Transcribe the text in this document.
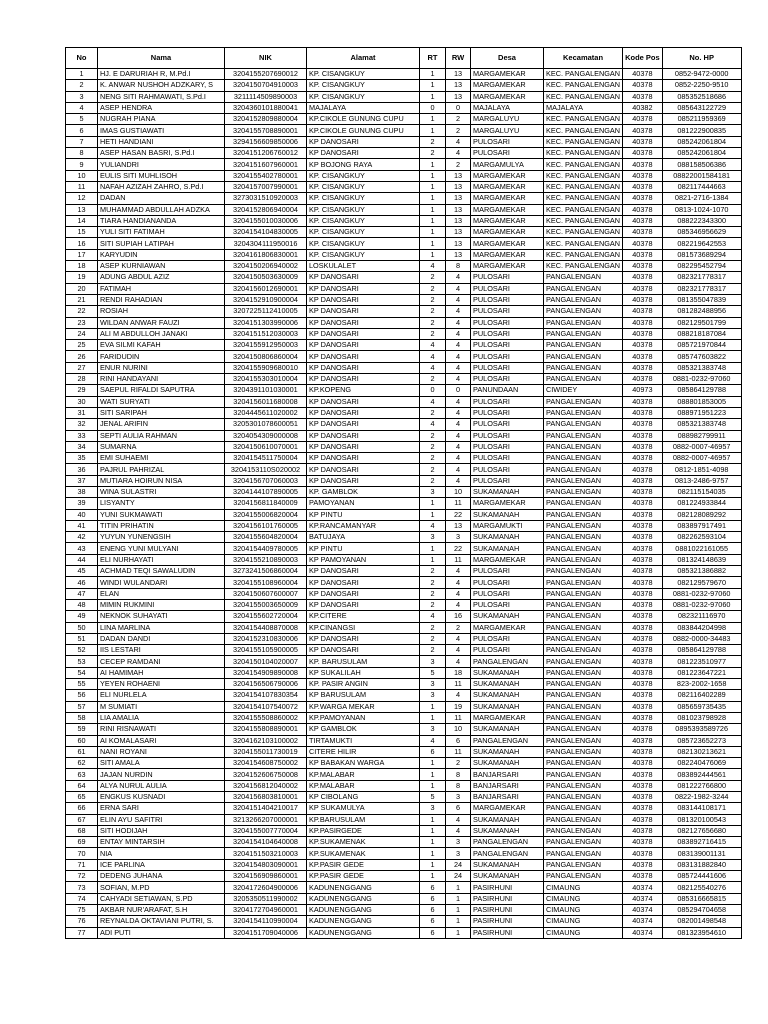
No	Nama	NIK	Alamat	RT	RW	Desa	Kecamatan	Kode Pos	No. HP
1	HJ. E DARURIAH R, M.Pd.I	3204155207690012	KP. CISANGKUY	1	13	MARGAMEKAR	KEC. PANGALENGAN	40378	0852-9472-0000
2	K. ANWAR NUSHOH ADZKARY, S	3204150704910003	KP. CISANGKUY	1	13	MARGAMEKAR	KEC. PANGALENGAN	40378	0852-2250-9510
3	NENG SITI RAHMAWATI, S.Pd.I	3211114509890003	KP. CISANGKUY	1	13	MARGAMEKAR	KEC. PANGALENGAN	40378	085352518686
4	ASEP HENDRA	3204360101880041	MAJALAYA	0	0	MAJALAYA	MAJALAYA	40382	085643122729
5	NUGRAH PIANA	3204152809880004	KP.CIKOLE GUNUNG CUPU	1	2	MARGALUYU	KEC. PANGALENGAN	40378	085211959369
6	IMAS GUSTIAWATI	3204155708890001	KP.CIKOLE GUNUNG CUPU	1	2	MARGALUYU	KEC. PANGALENGAN	40378	081222900835
7	HETI HANDIANI	3294156609850006	KP DANOSARI	2	4	PULOSARI	KEC. PANGALENGAN	40378	085242061804
8	ASEP HASAN BASRI, S.Pd.I	3204151206760012	KP DANOSARI	2	4	PULOSARI	KEC. PANGALENGAN	40378	085242061804
9	YULIANDRI	3204151607960001	KP BOJONG RAYA	1	2	MARGAMULYA	KEC. PANGALENGAN	40378	088158506386
10	EULIS SITI MUHLISOH	3204155402780001	KP. CISANGKUY	1	13	MARGAMEKAR	KEC. PANGALENGAN	40378	08822001584181
11	NAFAH AZIZAH ZAHRO, S.Pd.I	3204157007990001	KP. CISANGKUY	1	13	MARGAMEKAR	KEC. PANGALENGAN	40378	082117444663
12	DADAN	3273031510920003	KP. CISANGKUY	1	13	MARGAMEKAR	KEC. PANGALENGAN	40378	0821-2716-1384
13	MUHAMMAD ABDULLAH ADZKA	3204152806940004	KP. CISANGKUY	1	13	MARGAMEKAR	KEC. PANGALENGAN	40378	0813-1024-1070
14	TIARA HANDIANANDA	3204155010030006	KP. CISANGKUY	1	13	MARGAMEKAR	KEC. PANGALENGAN	40378	088222343300
15	YULI SITI FATIMAH	3204154104830005	KP. CISANGKUY	1	13	MARGAMEKAR	KEC. PANGALENGAN	40378	085346956629
16	SITI SUPIAH LATIPAH	3204304111950016	KP. CISANGKUY	1	13	MARGAMEKAR	KEC. PANGALENGAN	40378	082219642553
17	KARYUDIN	3204161806830001	KP. CISANGKUY	1	13	MARGAMEKAR	KEC. PANGALENGAN	40378	081573689294
18	ASEP KURNIAWAN	3204150206940002	LOSKULALET	4	8	MARGAMEKAR	KEC. PANGALENGAN	40378	082295452794
19	ADUNG ABDUL AZIZ	3204150503630009	KP DANOSARI	2	4	PULOSARI	PANGALENGAN	40378	082321778317
20	FATIMAH	3204156012690001	KP DANOSARI	2	4	PULOSARI	PANGALENGAN	40378	082321778317
21	RENDI RAHADIAN	3204152910900004	KP DANOSARI	2	4	PULOSARI	PANGALENGAN	40378	081355047839
22	ROSIAH	3207225112410005	KP DANOSARI	2	4	PULOSARI	PANGALENGAN	40378	081282488956
23	WILDAN ANWAR FAUZI	3204151303990006	KP DANOSARI	2	4	PULOSARI	PANGALENGAN	40378	082129501799
24	ALI M ABDULLOH JANAKI	3204151512030003	KP DANOSARI	2	4	PULOSARI	PANGALENGAN	40378	088218187084
25	EVA SILMI KAFAH	3204155912950003	KP DANOSARI	4	4	PULOSARI	PANGALENGAN	40378	085721970844
26	FARIDUDIN	3204150806860004	KP DANOSARI	4	4	PULOSARI	PANGALENGAN	40378	085747603822
27	ENUR NURINI	3204155909680010	KP DANOSARI	4	4	PULOSARI	PANGALENGAN	40378	085321383748
28	RINI HANDAYANI	3204155303010004	KP DANOSARI	2	4	PULOSARI	PANGALENGAN	40378	0881-0232-97060
29	SAEPUL RIFALDI SAPUTRA	3204391101030001	KP.KOPENG	0	0	PANUNDAAN	CIWIDEY	40973	085864129788
30	WATI SURYATI	3204156011680008	KP DANOSARI	4	4	PULOSARI	PANGALENGAN	40378	088801853005
31	SITI SARIPAH	3204445611020002	KP DANOSARI	2	4	PULOSARI	PANGALENGAN	40378	088971951223
32	JENAL ARIFIN	3205301078600051	KP DANOSARI	4	4	PULOSARI	PANGALENGAN	40378	085321383748
33	SEPTI AULIA RAHMAN	3204054309000008	KP DANOSARI	2	4	PULOSARI	PANGALENGAN	40378	088982799911
34	SUMARNA	3204150610070001	KP DANOSARI	2	4	PULOSARI	PANGALENGAN	40378	0882-0007-46957
35	EMI SUHAEMI	3204154511750004	KP DANOSARI	2	4	PULOSARI	PANGALENGAN	40378	0882-0007-46957
36	PAJRUL PAHRIZAL	3204153110S020002	KP DANOSARI	2	4	PULOSARI	PANGALENGAN	40378	0812-1851-4098
37	MUTIARA HOIRUN NISA	3204156707060003	KP DANOSARI	2	4	PULOSARI	PANGALENGAN	40378	0813-2486-9757
38	WINA SULASTRI	3204144107890005	KP. GAMBLOK	3	10	SUKAMANAH	PANGALENGAN	40378	082115154035
39	LISYANTY	3204156811840009	PAMOYANAN	1	11	MARGAMEKAR	PANGALENGAN	40378	081224933844
40	YUNI SUKMAWATI	3204155006820004	KP PINTU	1	22	SUKAMANAH	PANGALENGAN	40378	082128089292
41	TITIN PRIHATIN	3204156101760005	KP.RANCAMANYAR	4	13	MARGAMUKTI	PANGALENGAN	40378	083897917491
42	YUYUN YUNENGSIH	3204155604820004	BATUJAYA	3	3	SUKAMANAH	PANGALENGAN	40378	082262593104
43	ENENG YUNI MULYANI	3204154409780005	KP PINTU	1	22	SUKAMANAH	PANGALENGAN	40378	0881022161055
44	ELI NURHAYATI	3204155210890003	KP PAMOYANAN	1	11	MARGAMEKAR	PANGALENGAN	40378	081324148639
45	ACHMAD TEQI SAWALUDIN	3273241506860004	KP DANOSARI	2	4	PULOSARI	PANGALENGAN	40378	085321386882
46	WINDI WULANDARI	3204155108960004	KP DANOSARI	2	4	PULOSARI	PANGALENGAN	40378	082129579670
47	ELAN	3204150607600007	KP DANOSARI	2	4	PULOSARI	PANGALENGAN	40378	0881-0232-97060
48	MIMIN RUKMINI	3204155003650009	KP DANOSARI	2	4	PULOSARI	PANGALENGAN	40378	0881-0232-97060
49	NEKNOK SUHAYATI	3204155602720004	KP.CITERE	4	16	SUKAMANAH	PANGALENGAN	40378	082321116970
50	LINA MARLINA	3204154408870008	KP.CINANGSI	2	2	MARGAMEKAR	PANGALENGAN	40378	083844204998
51	DADAN DANDI	3204152310830006	KP DANOSARI	2	4	PULOSARI	PANGALENGAN	40378	0882-0000-34483
52	IIS LESTARI	3204155105900005	KP DANOSARI	2	4	PULOSARI	PANGALENGAN	40378	085864129788
53	CECEP RAMDANI	3204150104020007	KP. BARUSULAM	3	4	PANGALENGAN	PANGALENGAN	40378	081223510977
54	AI HAMIMAH	3204154909890008	KP SUKALILAH	5	18	SUKAMANAH	PANGALENGAN	40378	081223647221
55	YEYEN ROHAENI	3204156506790006	KP. PASIR ANGIN	3	11	SUKAMANAH	PANGALENGAN	40378	823-2002-1658
56	ELI NURLELA	3204154107830354	KP BARUSULAM	3	4	SUKAMANAH	PANGALENGAN	40378	082116402289
57	M SUMIATI	3204154107540072	KP.WARGA MEKAR	1	19	SUKAMANAH	PANGALENGAN	40378	085659735435
58	LIA AMALIA	3204155508860002	KP.PAMOYANAN	1	11	MARGAMEKAR	PANGALENGAN	40378	081023798928
59	RINI RISNAWATI	3204155808890001	KP GAMBLOK	3	10	SUKAMANAH	PANGALENGAN	40378	0895393589726
60	AI KOMALASARI	3204162103100002	TIRTAMUKTI	4	6	PANGALENGAN	PANGALENGAN	40378	085723652273
61	NANI ROYANI	3204155011730019	CITERE HILIR	6	11	SUKAMANAH	PANGALENGAN	40378	082130213621
62	SITI AMALA	3204154608750002	KP BABAKAN WARGA	1	2	SUKAMANAH	PANGALENGAN	40378	082240476069
63	JAJAN NURDIN	3204152606750008	KP.MALABAR	1	8	BANJARSARI	PANGALENGAN	40378	083892444561
64	ALYA NURUL AULIA	3204156812040002	KP.MALABAR	1	8	BANJARSARI	PANGALENGAN	40378	081222766800
65	ENGKUS KUSNADI	3204156803810001	KP CIBOLANG	5	3	BANJARSARI	PANGALENGAN	40378	0822-1982-3244
66	ERNA SARI	3204151404210017	KP SUKAMULYA	3	6	MARGAMEKAR	PANGALENGAN	40378	083144108171
67	ELIN AYU SAFITRI	3213266207000001	KP.BARUSULAM	1	4	SUKAMANAH	PANGALENGAN	40378	081320100543
68	SITI HODIJAH	3204155007770004	KP.PASIRGEDE	1	4	SUKAMANAH	PANGALENGAN	40378	082127656680
69	ENTAY MINTARSIH	3204154104640008	KP.SUKAMENAK	1	3	PANGALENGAN	PANGALENGAN	40378	083892716415
70	NIA	3204151503210003	KP.SUKAMENAK	1	3	PANGALENGAN	PANGALENGAN	40378	083139001131
71	ICE PARLINA	3204154803090001	KP.PASIR GEDE	1	24	SUKAMANAH	PANGALENGAN	40378	083131882840
72	DEDENG JUHANA	3204156909860001	KP.PASIR GEDE	1	24	SUKAMANAH	PANGALENGAN	40378	085724441606
73	SOFIAN, M.PD	3204172604900006	KADUNENGGANG	6	1	PASIRHUNI	CIMAUNG	40374	082125540276
74	CAHYADI SETIAWAN, S.PD	3205350511990002	KADUNENGGANG	6	1	PASIRHUNI	CIMAUNG	40374	085316665815
75	AKBAR NUR'ARAFAT, S.H	3204172704960001	KADUNENGGANG	6	1	PASIRHUNI	CIMAUNG	40374	085294704658
76	REYNALDA OKTAVIANI PUTRI, S.	3204154110990004	KADUNENGGANG	6	1	PASIRHUNI	CIMAUNG	40374	082001498548
77	ADI PUTI	3204151709040006	KADUNENGGANG	6	1	PASIRHUNI	CIMAUNG	40374	081323954610
